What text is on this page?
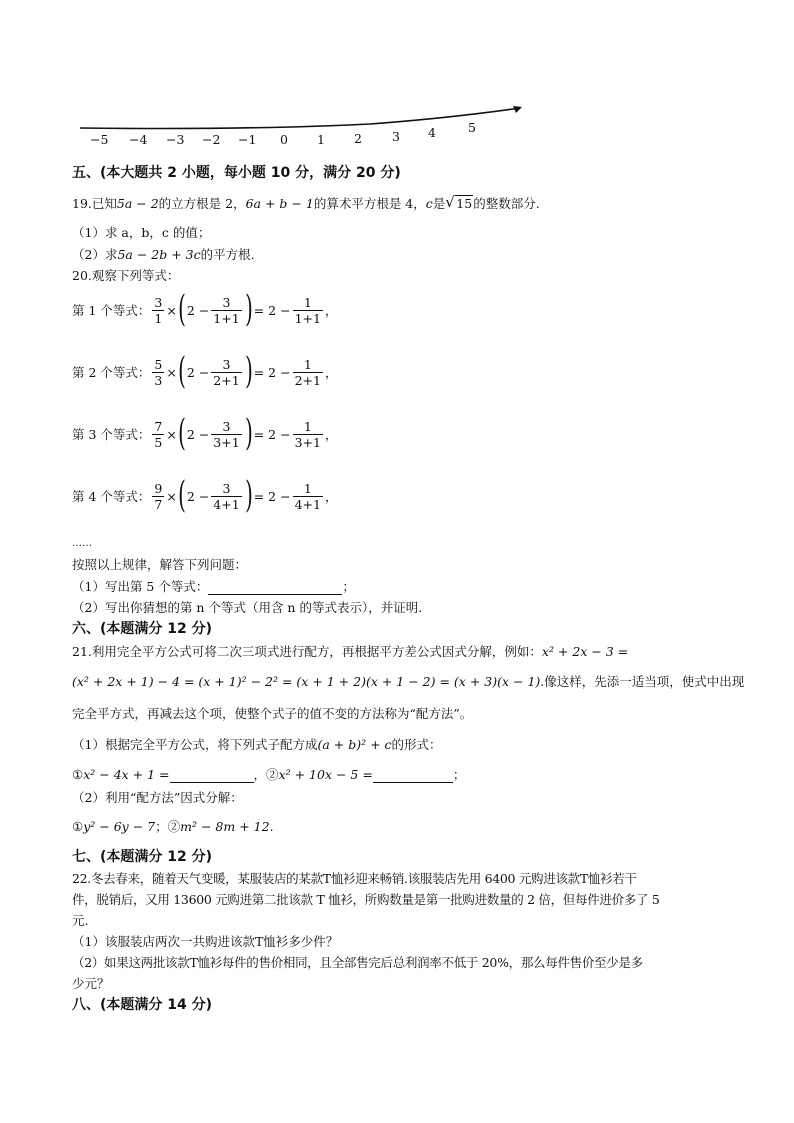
−5 −4 −3 −2 −1 0 1 2 3 4	5
五、(本大题共 2 小题，每小题 10 分，满分 20 分)
19.已知5a − 2的立方根是 2，6a + b − 1的算术平方根是 4，c是 √ 15的整数部分.
（1）求 a，b，c 的值；
（2）求5a − 2b + 3c的平方根.
20.观察下列等式：
第 1 个等式： $\frac{3}{1}$ × ( $2 - \frac{3}{1+1}$ ) = $2 - \frac{1}{1+1}$ ，
第 2 个等式： $\frac{5}{3}$ × ( $2 - \frac{3}{2+1}$ ) = $2 - \frac{1}{2+1}$ ，
第 3 个等式： $\frac{7}{5}$ × ( $2 - \frac{3}{3+1}$ ) = $2 - \frac{1}{3+1}$ ，
第 4 个等式： $\frac{9}{7}$ × ( $2 - \frac{3}{4+1}$ ) = $2 - \frac{1}{4+1}$ ，
……
按照以上规律，解答下列问题：
（1）写出第 5 个等式：	；
（2）写出你猜想的第 n 个等式（用含 n 的等式表示），并证明.
六、(本题满分 12 分)
21.利用完全平方公式可将二次三项式进行配方，再根据平方差公式因式分解，例如：x² + 2x − 3 =
(x² + 2x + 1) − 4 = (x + 1)² − 2² = (x + 1 + 2)(x + 1 − 2) = (x + 3)(x − 1).像这样，先添一适当项，使式中出现
完全平方式，再减去这个项，使整个式子的值不变的方法称为“配方法”。
（1）根据完全平方公式，将下列式子配方成(a + b)² + c的形式：
①x² − 4x + 1 =	，②x² + 10x − 5 =	；
（2）利用“配方法”因式分解：
①y² − 6y − 7；②m² − 8m + 12.
七、(本题满分 12 分)
22.冬去春来，随着天气变暖，某服装店的某款T恤衫迎来畅销.该服装店先用 6400 元购进该款T恤衫若干
件，脱销后，又用 13600 元购进第二批该款 T 恤衫，所购数量是第一批购进数量的 2 倍，但每件进价多了 5
元.
（1）该服装店两次一共购进该款T恤衫多少件？
（2）如果这两批该款T恤衫每件的售价相同，且全部售完后总利润率不低于 20%，那么每件售价至少是多
少元？
八、(本题满分 14 分)
